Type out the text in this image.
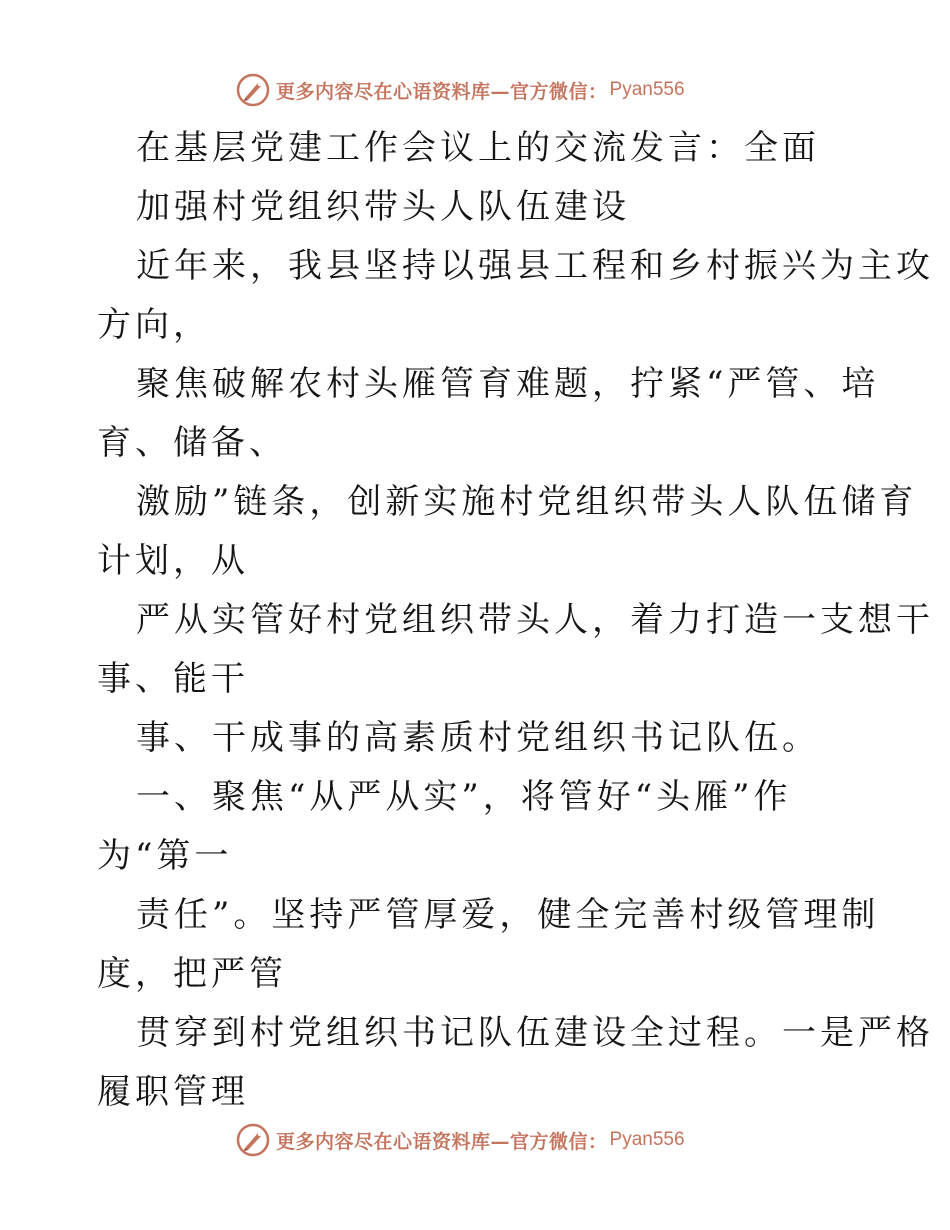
更多内容尽在心语资料库—官方微信： Pyan556
在基层党建工作会议上的交流发言：全面
加强村党组织带头人队伍建设
近年来，我县坚持以强县工程和乡村振兴为主攻
方向，
聚焦破解农村头雁管育难题，拧紧“严管、培
育、储备、
激励”链条，创新实施村党组织带头人队伍储育
计划，从
严从实管好村党组织带头人，着力打造一支想干
事、能干
事、干成事的高素质村党组织书记队伍。
一、聚焦“从严从实”，将管好“头雁”作
为“第一
责任”。坚持严管厚爱，健全完善村级管理制
度，把严管
贯穿到村党组织书记队伍建设全过程。一是严格
履职管理
更多内容尽在心语资料库—官方微信： Pyan556
